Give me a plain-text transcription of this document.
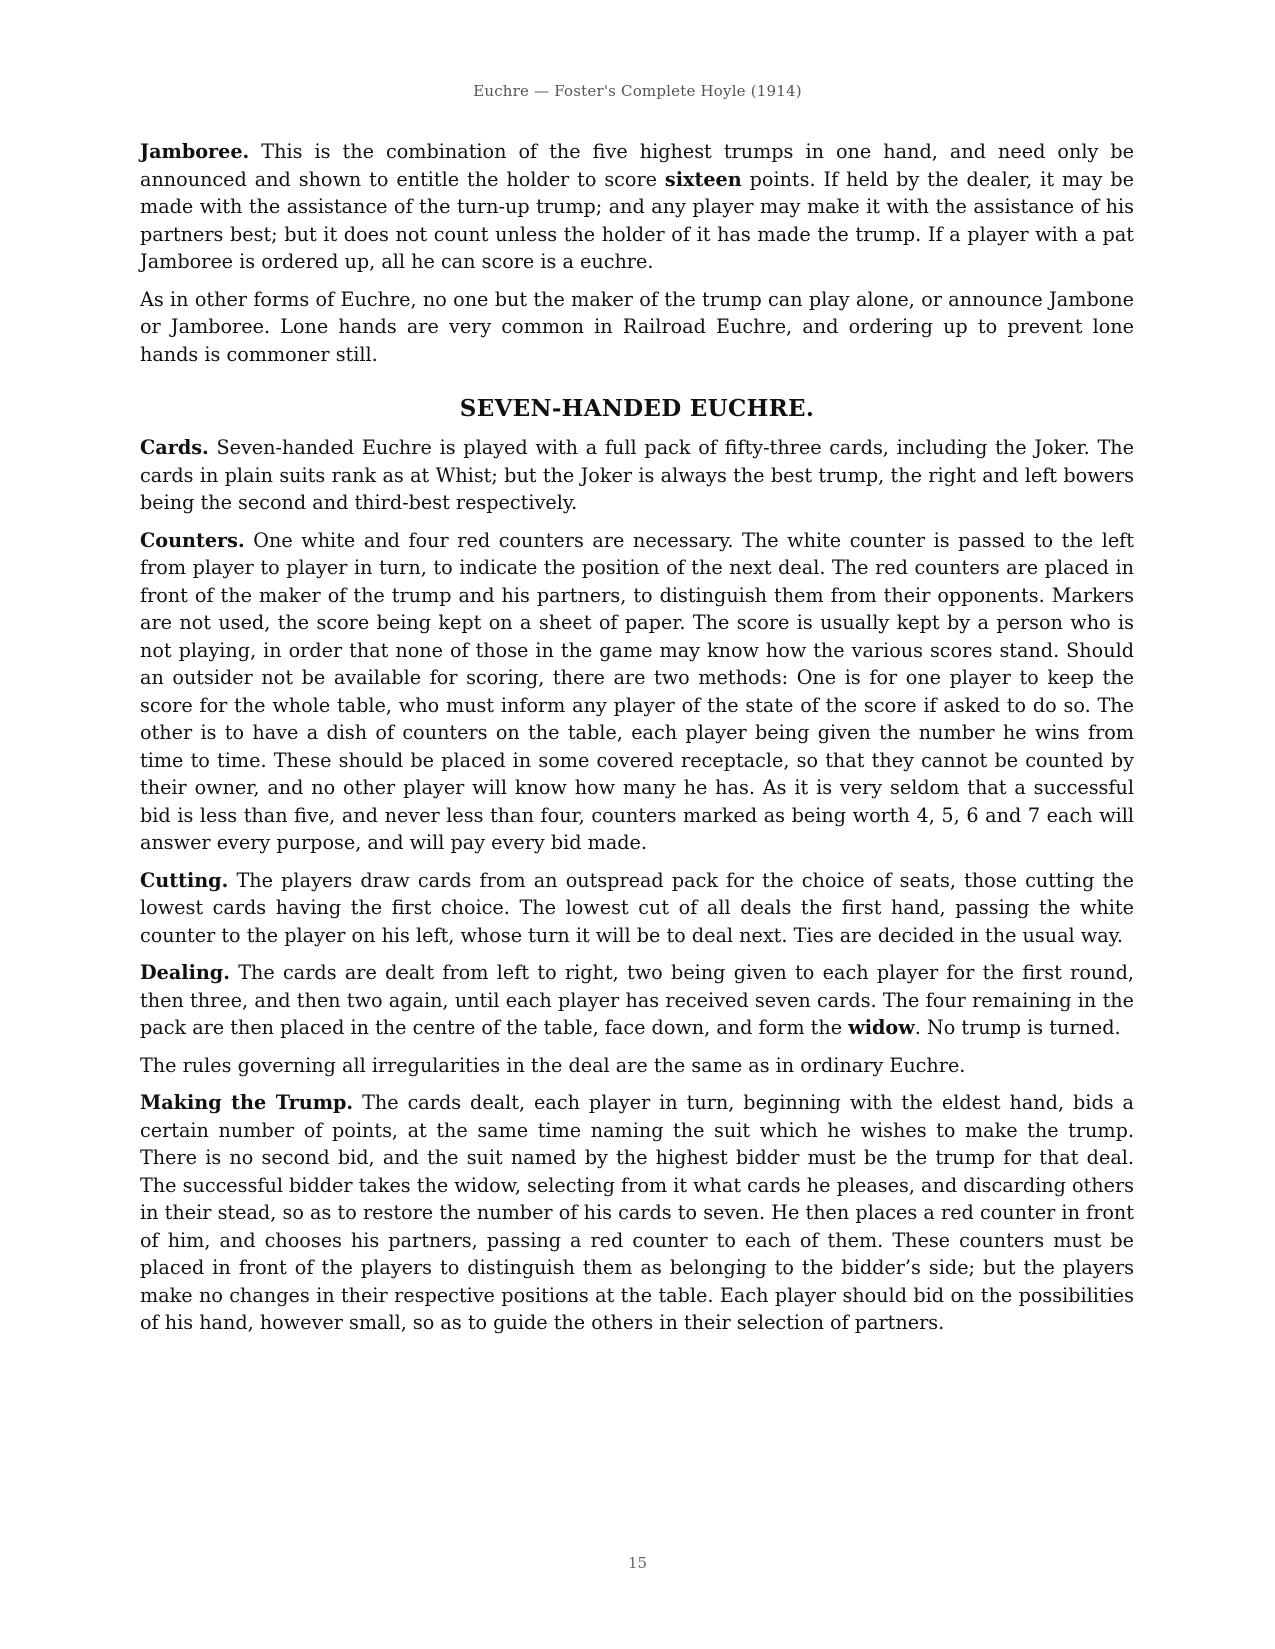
Euchre — Foster's Complete Hoyle (1914)

Jamboree. This is the combination of the five highest trumps in one hand, and need only be announced and shown to entitle the holder to score sixteen points. If held by the dealer, it may be made with the assistance of the turn-up trump; and any player may make it with the assistance of his partners best; but it does not count unless the holder of it has made the trump. If a player with a pat Jamboree is ordered up, all he can score is a euchre.

As in other forms of Euchre, no one but the maker of the trump can play alone, or announce Jambone or Jamboree. Lone hands are very common in Railroad Euchre, and ordering up to prevent lone hands is commoner still.

SEVEN-HANDED EUCHRE.

Cards. Seven-handed Euchre is played with a full pack of fifty-three cards, including the Joker. The cards in plain suits rank as at Whist; but the Joker is always the best trump, the right and left bowers being the second and third-best respectively.

Counters. One white and four red counters are necessary. The white counter is passed to the left from player to player in turn, to indicate the position of the next deal. The red counters are placed in front of the maker of the trump and his partners, to distinguish them from their opponents. Markers are not used, the score being kept on a sheet of paper. The score is usually kept by a person who is not playing, in order that none of those in the game may know how the various scores stand. Should an outsider not be available for scoring, there are two methods: One is for one player to keep the score for the whole table, who must inform any player of the state of the score if asked to do so. The other is to have a dish of counters on the table, each player being given the number he wins from time to time. These should be placed in some covered receptacle, so that they cannot be counted by their owner, and no other player will know how many he has. As it is very seldom that a successful bid is less than five, and never less than four, counters marked as being worth 4, 5, 6 and 7 each will answer every purpose, and will pay every bid made.

Cutting. The players draw cards from an outspread pack for the choice of seats, those cutting the lowest cards having the first choice. The lowest cut of all deals the first hand, passing the white counter to the player on his left, whose turn it will be to deal next. Ties are decided in the usual way.

Dealing. The cards are dealt from left to right, two being given to each player for the first round, then three, and then two again, until each player has received seven cards. The four remaining in the pack are then placed in the centre of the table, face down, and form the widow. No trump is turned.

The rules governing all irregularities in the deal are the same as in ordinary Euchre.

Making the Trump. The cards dealt, each player in turn, beginning with the eldest hand, bids a certain number of points, at the same time naming the suit which he wishes to make the trump. There is no second bid, and the suit named by the highest bidder must be the trump for that deal. The successful bidder takes the widow, selecting from it what cards he pleases, and discarding others in their stead, so as to restore the number of his cards to seven. He then places a red counter in front of him, and chooses his partners, passing a red counter to each of them. These counters must be placed in front of the players to distinguish them as belonging to the bidder’s side; but the players make no changes in their respective positions at the table. Each player should bid on the possibilities of his hand, however small, so as to guide the others in their selection of partners.

15
